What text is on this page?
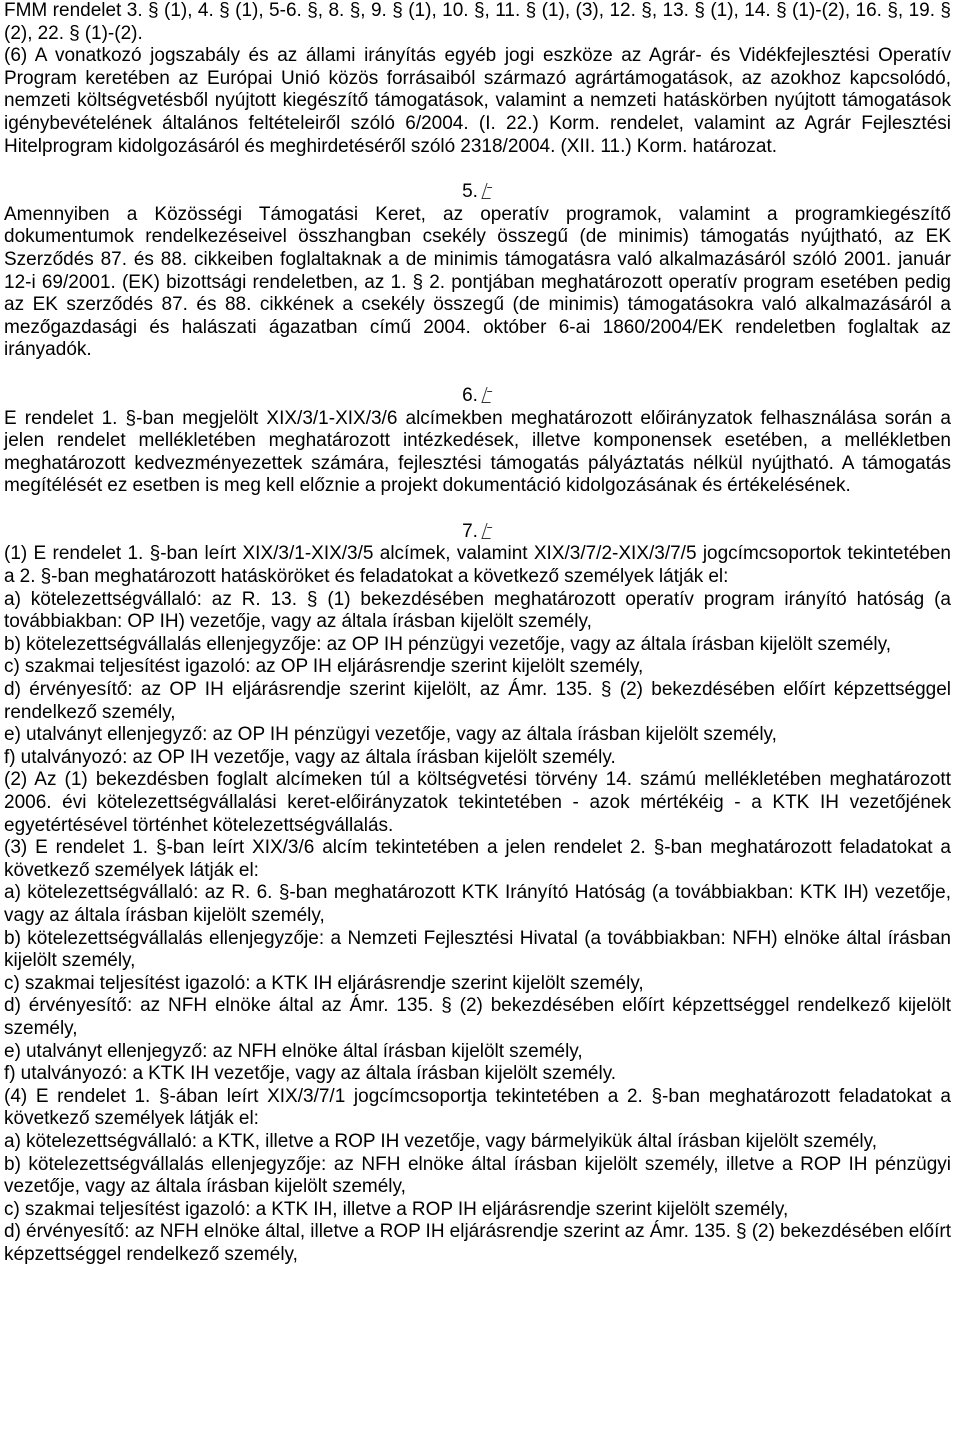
FMM rendelet 3. § (1), 4. § (1), 5-6. §, 8. §, 9. § (1), 10. §, 11. § (1), (3), 12. §, 13. § (1), 14. § (1)-(2), 16. §, 19. § (2), 22. § (1)-(2).

(6) A vonatkozó jogszabály és az állami irányítás egyéb jogi eszköze az Agrár- és Vidékfejlesztési Operatív Program keretében az Európai Unió közös forrásaiból származó agrártámogatások, az azokhoz kapcsolódó, nemzeti költségvetésből nyújtott kiegészítő támogatások, valamint a nemzeti hatáskörben nyújtott támogatások igénybevételének általános feltételeiről szóló 6/2004. (I. 22.) Korm. rendelet, valamint az Agrár Fejlesztési Hitelprogram kidolgozásáról és meghirdetéséről szóló 2318/2004. (XII. 11.) Korm. határozat.

5.

Amennyiben a Közösségi Támogatási Keret, az operatív programok, valamint a programkiegészítő dokumentumok rendelkezéseivel összhangban csekély összegű (de minimis) támogatás nyújtható, az EK Szerződés 87. és 88. cikkeiben foglaltaknak a de minimis támogatásra való alkalmazásáról szóló 2001. január 12-i 69/2001. (EK) bizottsági rendeletben, az 1. § 2. pontjában meghatározott operatív program esetében pedig az EK szerződés 87. és 88. cikkének a csekély összegű (de minimis) támogatásokra való alkalmazásáról a mezőgazdasági és halászati ágazatban című 2004. október 6-ai 1860/2004/EK rendeletben foglaltak az irányadók.

6.

E rendelet 1. §-ban megjelölt XIX/3/1-XIX/3/6 alcímekben meghatározott előirányzatok felhasználása során a jelen rendelet mellékletében meghatározott intézkedések, illetve komponensek esetében, a mellékletben meghatározott kedvezményezettek számára, fejlesztési támogatás pályáztatás nélkül nyújtható. A támogatás megítélését ez esetben is meg kell előznie a projekt dokumentáció kidolgozásának és értékelésének.

7.

(1) E rendelet 1. §-ban leírt XIX/3/1-XIX/3/5 alcímek, valamint XIX/3/7/2-XIX/3/7/5 jogcímcsoportok tekintetében a 2. §-ban meghatározott hatásköröket és feladatokat a következő személyek látják el:

a) kötelezettségvállaló: az R. 13. § (1) bekezdésében meghatározott operatív program irányító hatóság (a továbbiakban: OP IH) vezetője, vagy az általa írásban kijelölt személy,

b) kötelezettségvállalás ellenjegyzője: az OP IH pénzügyi vezetője, vagy az általa írásban kijelölt személy,

c) szakmai teljesítést igazoló: az OP IH eljárásrendje szerint kijelölt személy,

d) érvényesítő: az OP IH eljárásrendje szerint kijelölt, az Ámr. 135. § (2) bekezdésében előírt képzettséggel rendelkező személy,

e) utalványt ellenjegyző: az OP IH pénzügyi vezetője, vagy az általa írásban kijelölt személy,

f) utalványozó: az OP IH vezetője, vagy az általa írásban kijelölt személy.

(2) Az (1) bekezdésben foglalt alcímeken túl a költségvetési törvény 14. számú mellékletében meghatározott 2006. évi kötelezettségvállalási keret-előirányzatok tekintetében - azok mértékéig - a KTK IH vezetőjének egyetértésével történhet kötelezettségvállalás.

(3) E rendelet 1. §-ban leírt XIX/3/6 alcím tekintetében a jelen rendelet 2. §-ban meghatározott feladatokat a következő személyek látják el:

a) kötelezettségvállaló: az R. 6. §-ban meghatározott KTK Irányító Hatóság (a továbbiakban: KTK IH) vezetője, vagy az általa írásban kijelölt személy,

b) kötelezettségvállalás ellenjegyzője: a Nemzeti Fejlesztési Hivatal (a továbbiakban: NFH) elnöke által írásban kijelölt személy,

c) szakmai teljesítést igazoló: a KTK IH eljárásrendje szerint kijelölt személy,

d) érvényesítő: az NFH elnöke által az Ámr. 135. § (2) bekezdésében előírt képzettséggel rendelkező kijelölt személy,

e) utalványt ellenjegyző: az NFH elnöke által írásban kijelölt személy,

f) utalványozó: a KTK IH vezetője, vagy az általa írásban kijelölt személy.

(4) E rendelet 1. §-ában leírt XIX/3/7/1 jogcímcsoportja tekintetében a 2. §-ban meghatározott feladatokat a következő személyek látják el:

a) kötelezettségvállaló: a KTK, illetve a ROP IH vezetője, vagy bármelyikük által írásban kijelölt személy,

b) kötelezettségvállalás ellenjegyzője: az NFH elnöke által írásban kijelölt személy, illetve a ROP IH pénzügyi vezetője, vagy az általa írásban kijelölt személy,

c) szakmai teljesítést igazoló: a KTK IH, illetve a ROP IH eljárásrendje szerint kijelölt személy,

d) érvényesítő: az NFH elnöke által, illetve a ROP IH eljárásrendje szerint az Ámr. 135. § (2) bekezdésében előírt képzettséggel rendelkező személy,
